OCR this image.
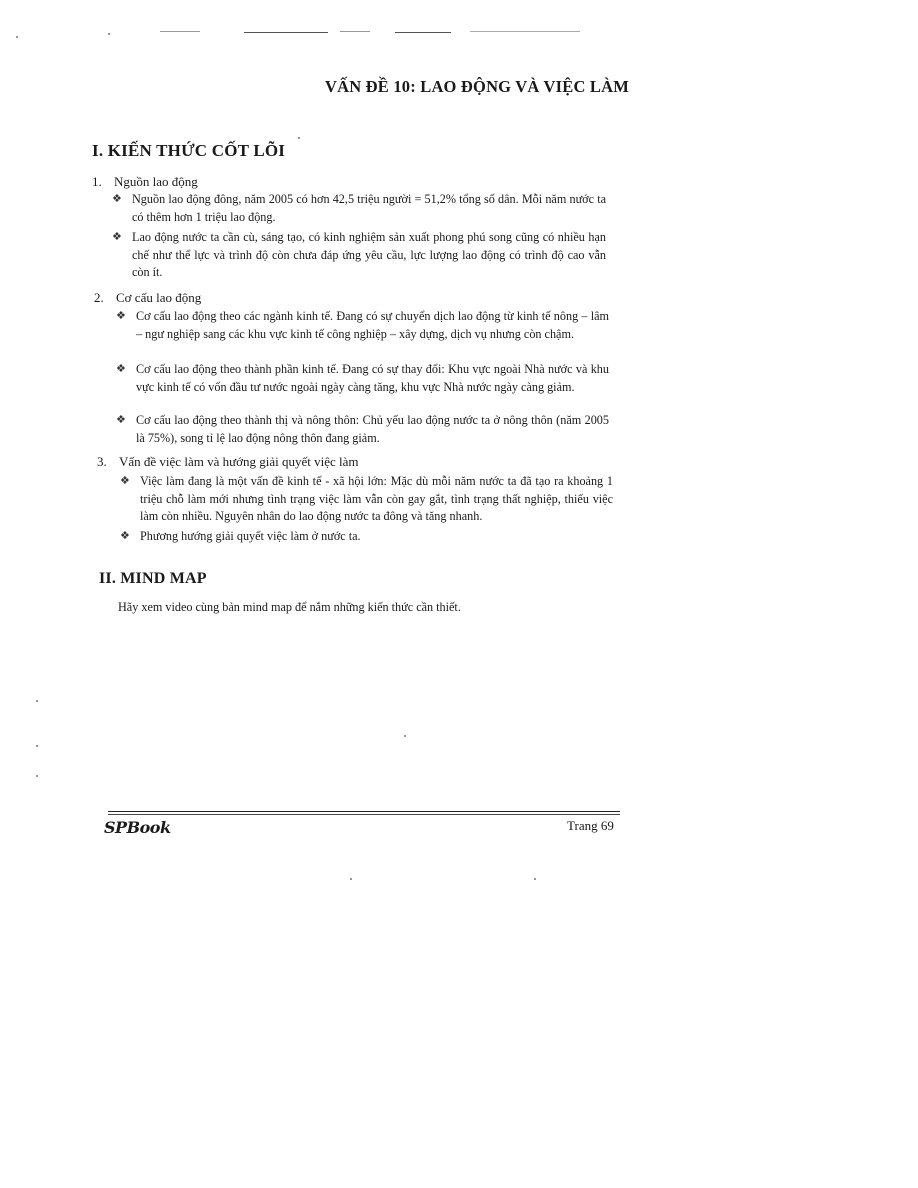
VẤN ĐỀ 10: LAO ĐỘNG VÀ VIỆC LÀM
I. KIẾN THỨC CỐT LÕI
1. Nguồn lao động
❖ Nguồn lao động đông, năm 2005 có hơn 42,5 triệu người = 51,2% tổng số dân. Mỗi năm nước ta có thêm hơn 1 triệu lao động.
❖ Lao động nước ta cần cù, sáng tạo, có kinh nghiệm sản xuất phong phú song cũng có nhiều hạn chế như thể lực và trình độ còn chưa đáp ứng yêu cầu, lực lượng lao động có trình độ cao vẫn còn ít.
2. Cơ cấu lao động
❖ Cơ cấu lao động theo các ngành kinh tế. Đang có sự chuyển dịch lao động từ kinh tế nông – lâm – ngư nghiệp sang các khu vực kinh tế công nghiệp – xây dựng, dịch vụ nhưng còn chậm.
❖ Cơ cấu lao động theo thành phần kinh tế. Đang có sự thay đổi: Khu vực ngoài Nhà nước và khu vực kinh tế có vốn đầu tư nước ngoài ngày càng tăng, khu vực Nhà nước ngày càng giảm.
❖ Cơ cấu lao động theo thành thị và nông thôn: Chủ yếu lao động nước ta ở nông thôn (năm 2005 là 75%), song tỉ lệ lao động nông thôn đang giảm.
3. Vấn đề việc làm và hướng giải quyết việc làm
❖ Việc làm đang là một vấn đề kinh tế - xã hội lớn: Mặc dù mỗi năm nước ta đã tạo ra khoảng 1 triệu chỗ làm mới nhưng tình trạng việc làm vẫn còn gay gắt, tình trạng thất nghiệp, thiếu việc làm còn nhiều. Nguyên nhân do lao động nước ta đông và tăng nhanh.
❖ Phương hướng giải quyết việc làm ở nước ta.
II. MIND MAP
Hãy xem video cùng bản mind map để nắm những kiến thức cần thiết.
SPBook	Trang 69
